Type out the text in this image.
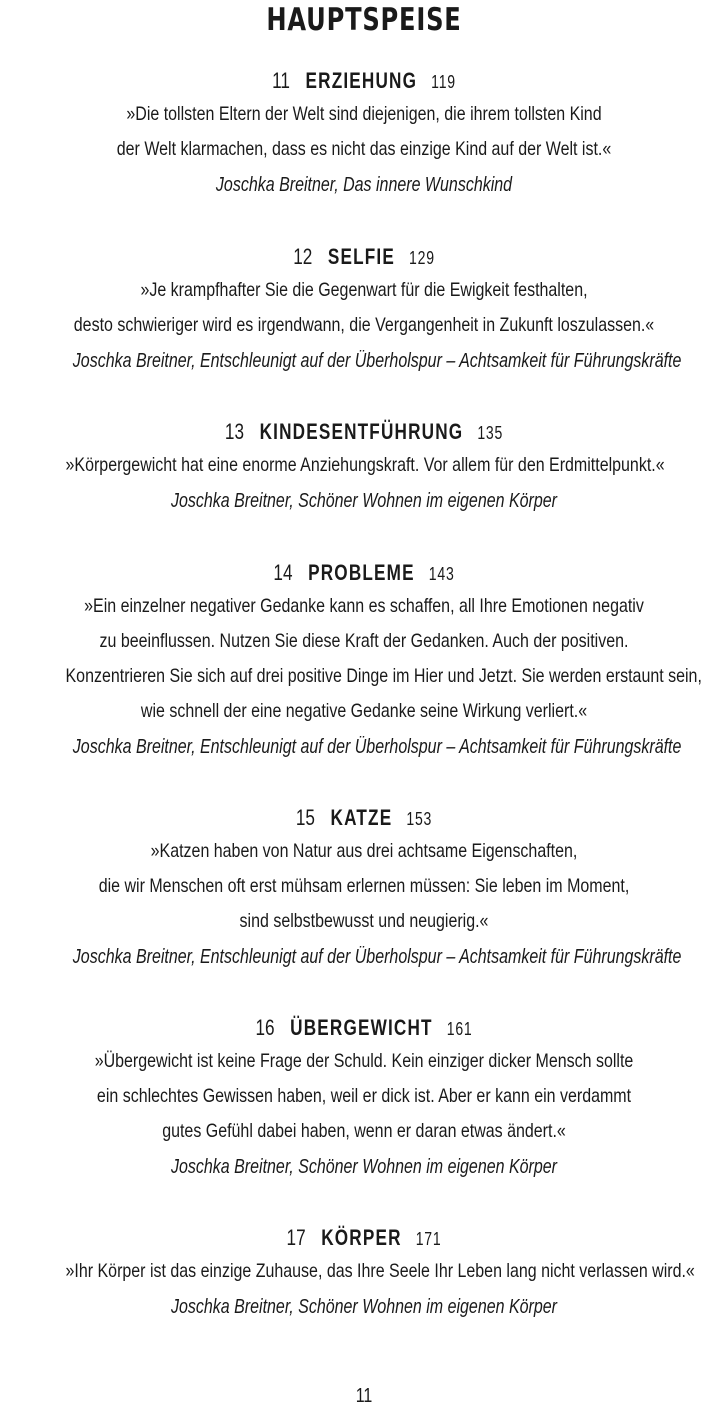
HAUPTSPEISE
11 ERZIEHUNG 119
»Die tollsten Eltern der Welt sind diejenigen, die ihrem tollsten Kind
der Welt klarmachen, dass es nicht das einzige Kind auf der Welt ist.«
Joschka Breitner, Das innere Wunschkind
12 SELFIE 129
»Je krampfhafter Sie die Gegenwart für die Ewigkeit festhalten,
desto schwieriger wird es irgendwann, die Vergangenheit in Zukunft loszulassen.«
Joschka Breitner, Entschleunigt auf der Überholspur – Achtsamkeit für Führungskräfte
13 KINDESENTFÜHRUNG 135
»Körpergewicht hat eine enorme Anziehungskraft. Vor allem für den Erdmittelpunkt.«
Joschka Breitner, Schöner Wohnen im eigenen Körper
14 PROBLEME 143
»Ein einzelner negativer Gedanke kann es schaffen, all Ihre Emotionen negativ
zu beeinflussen. Nutzen Sie diese Kraft der Gedanken. Auch der positiven.
Konzentrieren Sie sich auf drei positive Dinge im Hier und Jetzt. Sie werden erstaunt sein,
wie schnell der eine negative Gedanke seine Wirkung verliert.«
Joschka Breitner, Entschleunigt auf der Überholspur – Achtsamkeit für Führungskräfte
15 KATZE 153
»Katzen haben von Natur aus drei achtsame Eigenschaften,
die wir Menschen oft erst mühsam erlernen müssen: Sie leben im Moment,
sind selbstbewusst und neugierig.«
Joschka Breitner, Entschleunigt auf der Überholspur – Achtsamkeit für Führungskräfte
16 ÜBERGEWICHT 161
»Übergewicht ist keine Frage der Schuld. Kein einziger dicker Mensch sollte
ein schlechtes Gewissen haben, weil er dick ist. Aber er kann ein verdammt
gutes Gefühl dabei haben, wenn er daran etwas ändert.«
Joschka Breitner, Schöner Wohnen im eigenen Körper
17 KÖRPER 171
»Ihr Körper ist das einzige Zuhause, das Ihre Seele Ihr Leben lang nicht verlassen wird.«
Joschka Breitner, Schöner Wohnen im eigenen Körper
11
